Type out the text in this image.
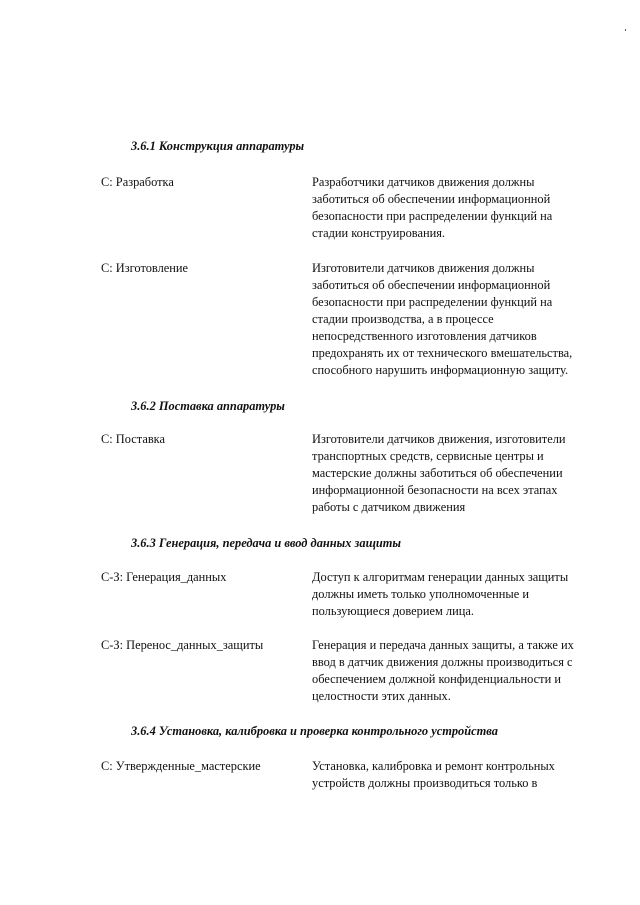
3.6.1 Конструкция аппаратуры
С: Разработка	Разработчики датчиков движения должны заботиться об обеспечении информационной безопасности при распределении функций на стадии конструирования.
С: Изготовление	Изготовители датчиков движения должны заботиться об обеспечении информационной безопасности при распределении функций на стадии производства, а в процессе непосредственного изготовления датчиков предохранять их от технического вмешательства, способного нарушить информационную защиту.
3.6.2 Поставка аппаратуры
С: Поставка	Изготовители датчиков движения, изготовители транспортных средств, сервисные центры и мастерские должны заботиться об обеспечении информационной безопасности на всех этапах работы с датчиком движения
3.6.3 Генерация, передача и ввод данных защиты
С-З: Генерация_данных	Доступ к алгоритмам генерации данных защиты должны иметь только уполномоченные и пользующиеся доверием лица.
С-З: Перенос_данных_защиты	Генерация и передача данных защиты, а также их ввод в датчик движения должны производиться с обеспечением должной конфиденциальности и целостности этих данных.
3.6.4 Установка, калибровка и проверка контрольного устройства
С: Утвержденные_мастерские	Установка, калибровка и ремонт контрольных устройств должны производиться только в
